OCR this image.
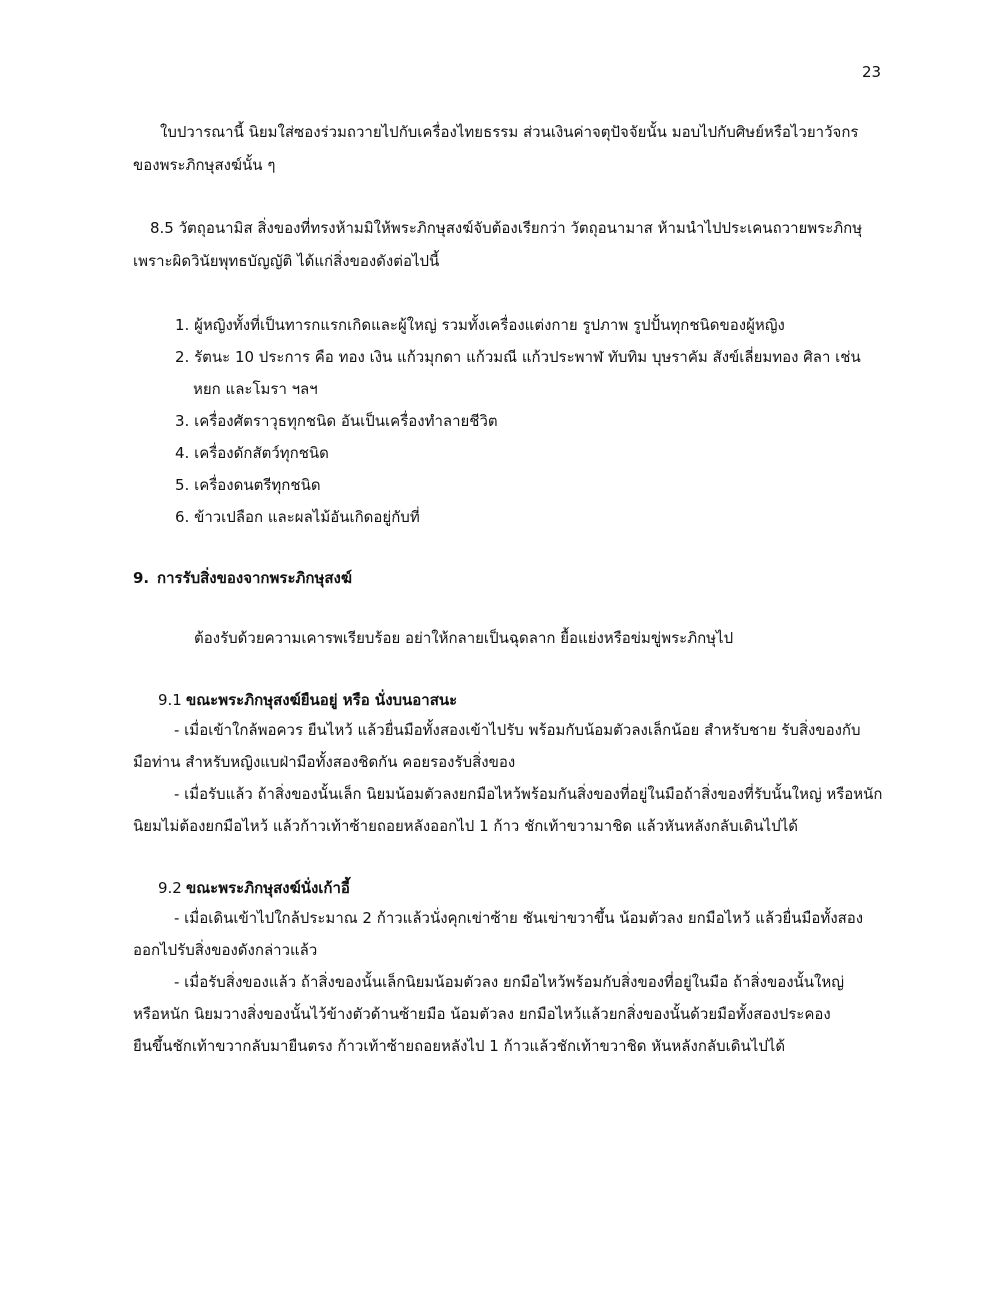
23
ใบปวารณานี้ นิยมใส่ซองร่วมถวายไปกับเครื่องไทยธรรม ส่วนเงินค่าจตุปัจจัยนั้น มอบไปกับศิษย์หรือไวยาวัจกร
ของพระภิกษุสงฆ์นั้น ๆ
8.5 วัตถุอนามิส สิ่งของที่ทรงห้ามมิให้พระภิกษุสงฆ์จับต้องเรียกว่า วัตถุอนามาส ห้ามนำไปประเคนถวายพระภิกษุ
เพราะผิดวินัยพุทธบัญญัติ ได้แก่สิ่งของดังต่อไปนี้
1. ผู้หญิงทั้งที่เป็นทารกแรกเกิดและผู้ใหญ่ รวมทั้งเครื่องแต่งกาย รูปภาพ รูปปั้นทุกชนิดของผู้หญิง
2. รัตนะ 10 ประการ คือ ทอง เงิน แก้วมุกดา แก้วมณี แก้วประพาฬ ทับทิม บุษราคัม สังข์เลี่ยมทอง ศิลา เช่น
หยก และโมรา ฯลฯ
3. เครื่องศัตราวุธทุกชนิด อันเป็นเครื่องทำลายชีวิต
4. เครื่องดักสัตว์ทุกชนิด
5. เครื่องดนตรีทุกชนิด
6. ข้าวเปลือก และผลไม้อันเกิดอยู่กับที่
9. การรับสิ่งของจากพระภิกษุสงฆ์
ต้องรับด้วยความเคารพเรียบร้อย อย่าให้กลายเป็นฉุดลาก ยื้อแย่งหรือข่มขู่พระภิกษุไป
9.1 ขณะพระภิกษุสงฆ์ยืนอยู่ หรือ นั่งบนอาสนะ
- เมื่อเข้าใกล้พอควร ยืนไหว้ แล้วยื่นมือทั้งสองเข้าไปรับ พร้อมกับน้อมตัวลงเล็กน้อย สำหรับชาย รับสิ่งของกับ
มือท่าน สำหรับหญิงแบฝ่ามือทั้งสองชิดกัน คอยรองรับสิ่งของ
- เมื่อรับแล้ว ถ้าสิ่งของนั้นเล็ก นิยมน้อมตัวลงยกมือไหว้พร้อมกันสิ่งของที่อยู่ในมือถ้าสิ่งของที่รับนั้นใหญ่ หรือหนัก
นิยมไม่ต้องยกมือไหว้ แล้วก้าวเท้าซ้ายถอยหลังออกไป 1 ก้าว ชักเท้าขวามาชิด แล้วหันหลังกลับเดินไปได้
9.2 ขณะพระภิกษุสงฆ์นั่งเก้าอี้
- เมื่อเดินเข้าไปใกล้ประมาณ 2 ก้าวแล้วนั่งคุกเข่าซ้าย ชันเข่าขวาขึ้น น้อมตัวลง ยกมือไหว้ แล้วยื่นมือทั้งสอง
ออกไปรับสิ่งของดังกล่าวแล้ว
- เมื่อรับสิ่งของแล้ว ถ้าสิ่งของนั้นเล็กนิยมน้อมตัวลง ยกมือไหว้พร้อมกับสิ่งของที่อยู่ในมือ ถ้าสิ่งของนั้นใหญ่
หรือหนัก นิยมวางสิ่งของนั้นไว้ข้างตัวด้านซ้ายมือ น้อมตัวลง ยกมือไหว้แล้วยกสิ่งของนั้นด้วยมือทั้งสองประคอง
ยืนขึ้นชักเท้าขวากลับมายืนตรง ก้าวเท้าซ้ายถอยหลังไป 1 ก้าวแล้วชักเท้าขวาชิด หันหลังกลับเดินไปได้
